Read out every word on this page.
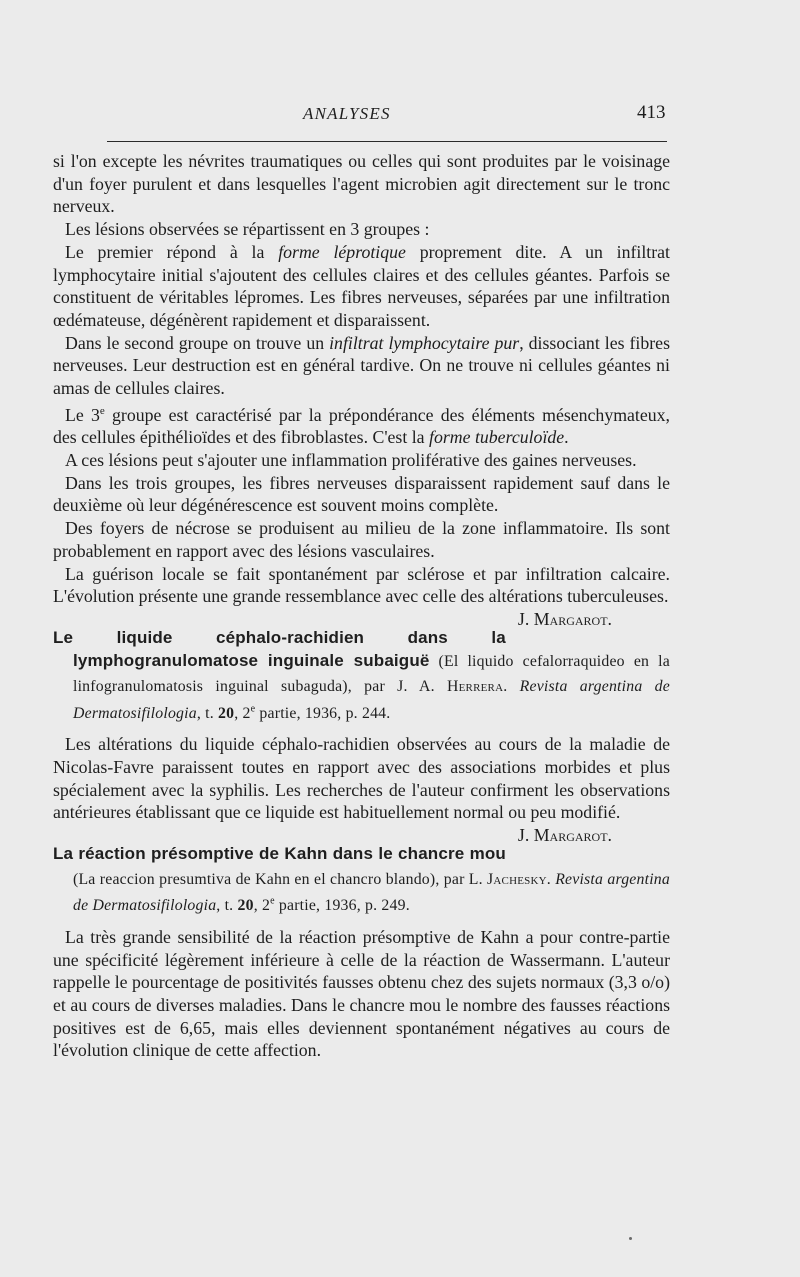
ANALYSES	413

si l'on excepte les névrites traumatiques ou celles qui sont produites par le voisinage d'un foyer purulent et dans lesquelles l'agent microbien agit directement sur le tronc nerveux.

Les lésions observées se répartissent en 3 groupes :

Le premier répond à la forme léprotique proprement dite. A un infiltrat lymphocytaire initial s'ajoutent des cellules claires et des cellules géantes. Parfois se constituent de véritables lépromes. Les fibres nerveuses, séparées par une infiltration œdémateuse, dégénèrent rapidement et disparaissent.

Dans le second groupe on trouve un infiltrat lymphocytaire pur, dissociant les fibres nerveuses. Leur destruction est en général tardive. On ne trouve ni cellules géantes ni amas de cellules claires.

Le 3e groupe est caractérisé par la prépondérance des éléments mésenchymateux, des cellules épithélioïdes et des fibroblastes. C'est la forme tuberculoïde.

A ces lésions peut s'ajouter une inflammation proliférative des gaines nerveuses.

Dans les trois groupes, les fibres nerveuses disparaissent rapidement sauf dans le deuxième où leur dégénérescence est souvent moins complète.

Des foyers de nécrose se produisent au milieu de la zone inflammatoire. Ils sont probablement en rapport avec des lésions vasculaires.

La guérison locale se fait spontanément par sclérose et par infiltration calcaire. L'évolution présente une grande ressemblance avec celle des altérations tuberculeuses.
J. Margarot.

Le liquide céphalo-rachidien dans la lymphogranulomatose inguinale subaiguë (El liquido cefalorraquideo en la linfogranulomatosis inguinal subaguda), par J. A. Herrera. Revista argentina de Dermatosifilologia, t. 20, 2e partie, 1936, p. 244.

Les altérations du liquide céphalo-rachidien observées au cours de la maladie de Nicolas-Favre paraissent toutes en rapport avec des associations morbides et plus spécialement avec la syphilis. Les recherches de l'auteur confirment les observations antérieures établissant que ce liquide est habituellement normal ou peu modifié.
J. Margarot.

La réaction présomptive de Kahn dans le chancre mou (La reaccion presumtiva de Kahn en el chancro blando), par L. Jachesky. Revista argentina de Dermatosifilologia, t. 20, 2e partie, 1936, p. 249.

La très grande sensibilité de la réaction présomptive de Kahn a pour contre-partie une spécificité légèrement inférieure à celle de la réaction de Wassermann. L'auteur rappelle le pourcentage de positivités fausses obtenu chez des sujets normaux (3,3 o/o) et au cours de diverses maladies. Dans le chancre mou le nombre des fausses réactions positives est de 6,65, mais elles deviennent spontanément négatives au cours de l'évolution clinique de cette affection.
